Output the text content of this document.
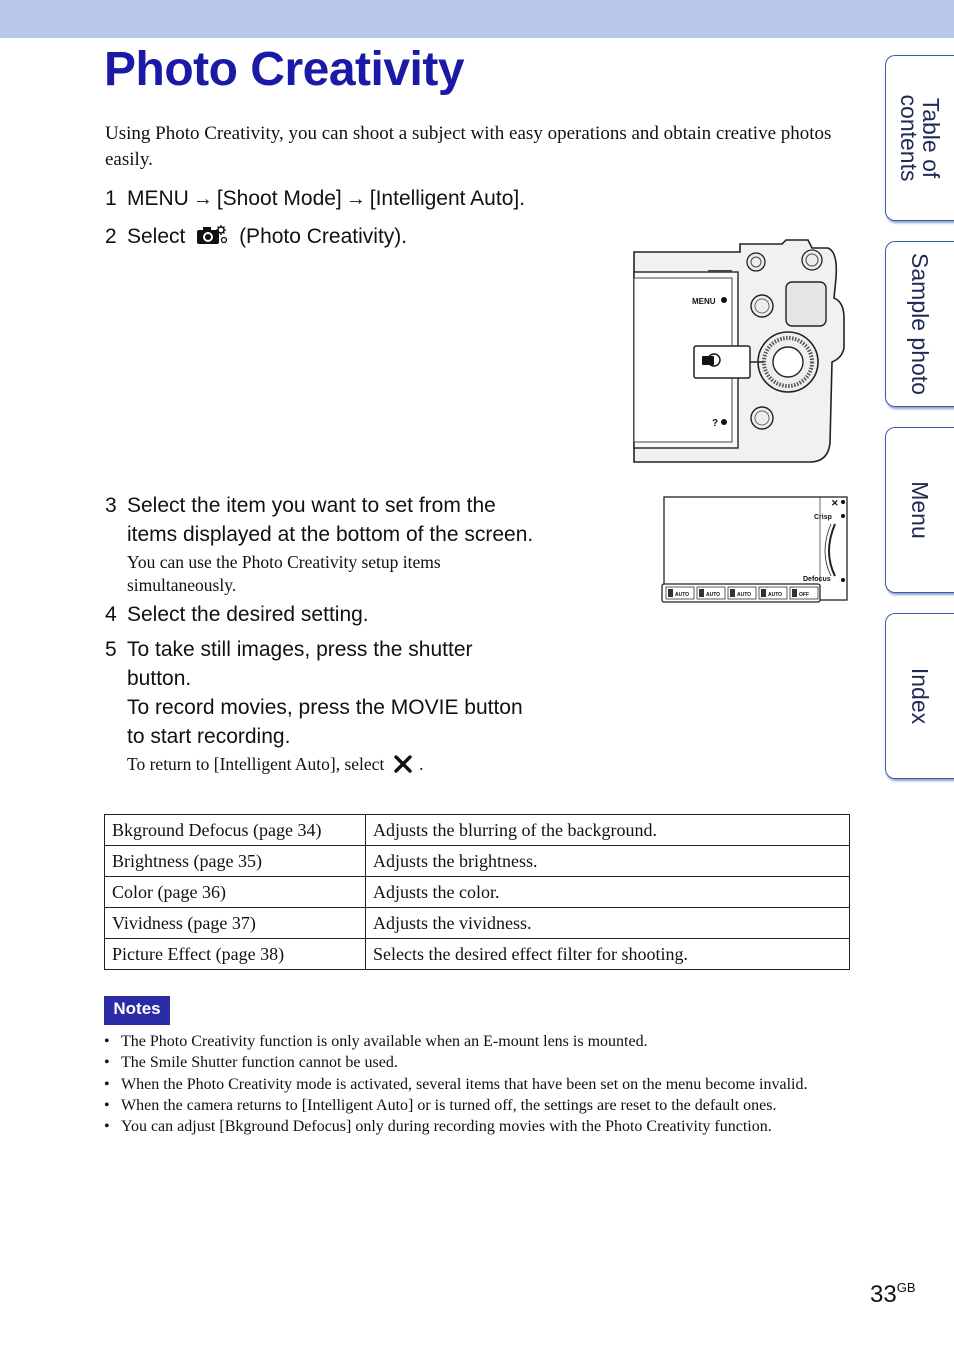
Photo Creativity

Using Photo Creativity, you can shoot a subject with easy operations and obtain creative photos easily.

1 MENU → [Shoot Mode] → [Intelligent Auto].
2 Select	(Photo Creativity).
MENU
?
3 Select the item you want to set from the
items displayed at the bottom of the screen.
You can use the Photo Creativity setup items
simultaneously.
✕
Crisp
Defocus
AUTO	AUTO	AUTO	AUTO	OFF
4 Select the desired setting.
5 To take still images, press the shutter
button.
To record movies, press the MOVIE button
to start recording.
To return to [Intelligent Auto], select .
Bkground Defocus (page 34)	Adjusts the blurring of the background.
Brightness (page 35)	Adjusts the brightness.
Color (page 36)	Adjusts the color.
Vividness (page 37)	Adjusts the vividness.
Picture Effect (page 38)	Selects the desired effect filter for shooting.
Notes
• The Photo Creativity function is only available when an E-mount lens is mounted.
• The Smile Shutter function cannot be used.
• When the Photo Creativity mode is activated, several items that have been set on the menu become invalid.
• When the camera returns to [Intelligent Auto] or is turned off, the settings are reset to the default ones.
• You can adjust [Bkground Defocus] only during recording movies with the Photo Creativity function.
Table of contents
Sample photo
Menu
Index
$33^{GB}$
